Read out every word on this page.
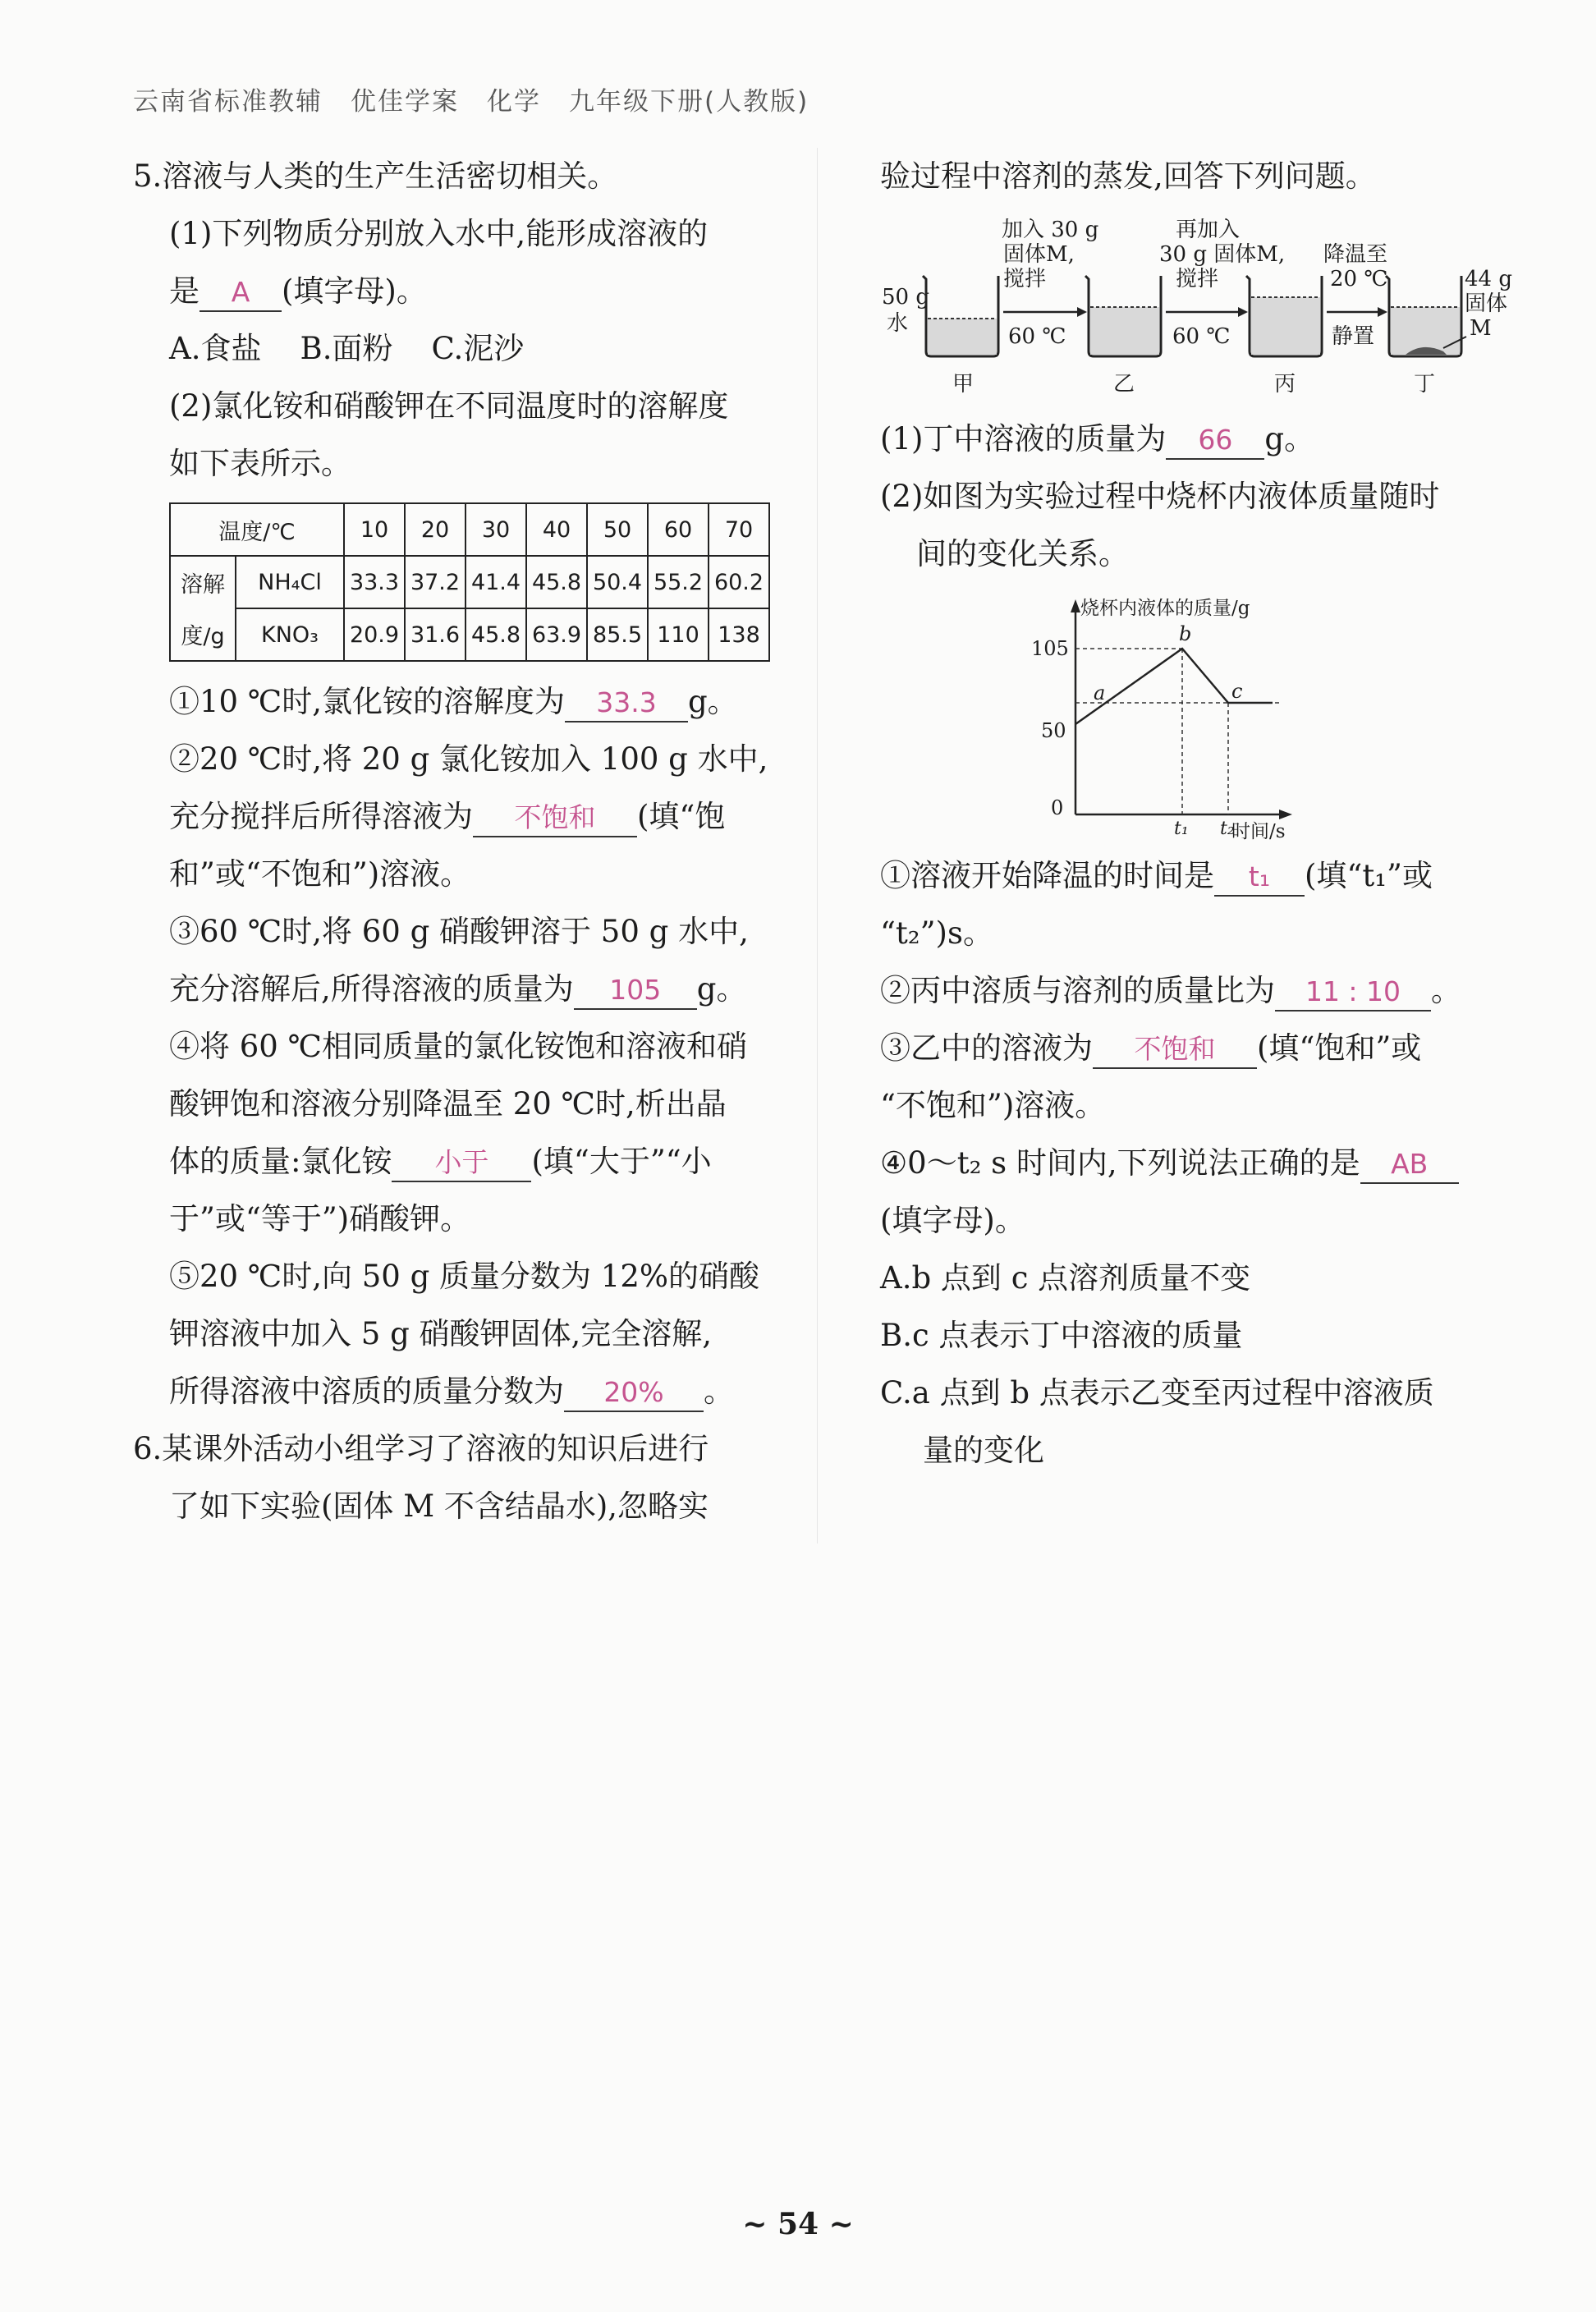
云南省标准教辅 优佳学案 化学 九年级下册(人教版)
5.溶液与人类的生产生活密切相关。
(1)下列物质分别放入水中,能形成溶液的
是 A (填字母)。
A.食盐    B.面粉    C.泥沙
(2)氯化铵和硝酸钾在不同温度时的溶解度
如下表所示。
温度/℃		10	20	30	40	50	60	70
溶解	NH₄Cl	33.3	37.2	41.4	45.8	50.4	55.2	60.2
度/g	KNO₃	20.9	31.6	45.8	63.9	85.5	110	138
①10 ℃时,氯化铵的溶解度为 33.3 g。
②20 ℃时,将 20 g 氯化铵加入 100 g 水中,
充分搅拌后所得溶液为 不饱和 (填“饱
和”或“不饱和”)溶液。
③60 ℃时,将 60 g 硝酸钾溶于 50 g 水中,
充分溶解后,所得溶液的质量为 105 g。
④将 60 ℃相同质量的氯化铵饱和溶液和硝
酸钾饱和溶液分别降温至 20 ℃时,析出晶
体的质量:氯化铵 小于 (填“大于”“小
于”或“等于”)硝酸钾。
⑤20 ℃时,向 50 g 质量分数为 12%的硝酸
钾溶液中加入 5 g 硝酸钾固体,完全溶解,
所得溶液中溶质的质量分数为 20% 。
6.某课外活动小组学习了溶液的知识后进行
了如下实验(固体 M 不含结晶水),忽略实
验过程中溶剂的蒸发,回答下列问题。
50 g
水
加入 30 g
固体M,
搅拌
60 ℃
再加入
30 g 固体M,
搅拌
60 ℃
降温至
20 ℃
静置
44 g
固体
M
甲	乙	丙	丁
(1)丁中溶液的质量为 66 g。
(2)如图为实验过程中烧杯内液体质量随时
间的变化关系。
烧杯内液体的质量/g
时间/s
105
50
0
a
b
c
t₁ t₂
①溶液开始降温的时间是 t₁ (填“t₁”或
“t₂”)s。
②丙中溶质与溶剂的质量比为 11 : 10 。
③乙中的溶液为 不饱和 (填“饱和”或
“不饱和”)溶液。
④0～t₂ s 时间内,下列说法正确的是 AB
(填字母)。
A.b 点到 c 点溶剂质量不变
B.c 点表示丁中溶液的质量
C.a 点到 b 点表示乙变至丙过程中溶液质
量的变化
~ 54 ~
